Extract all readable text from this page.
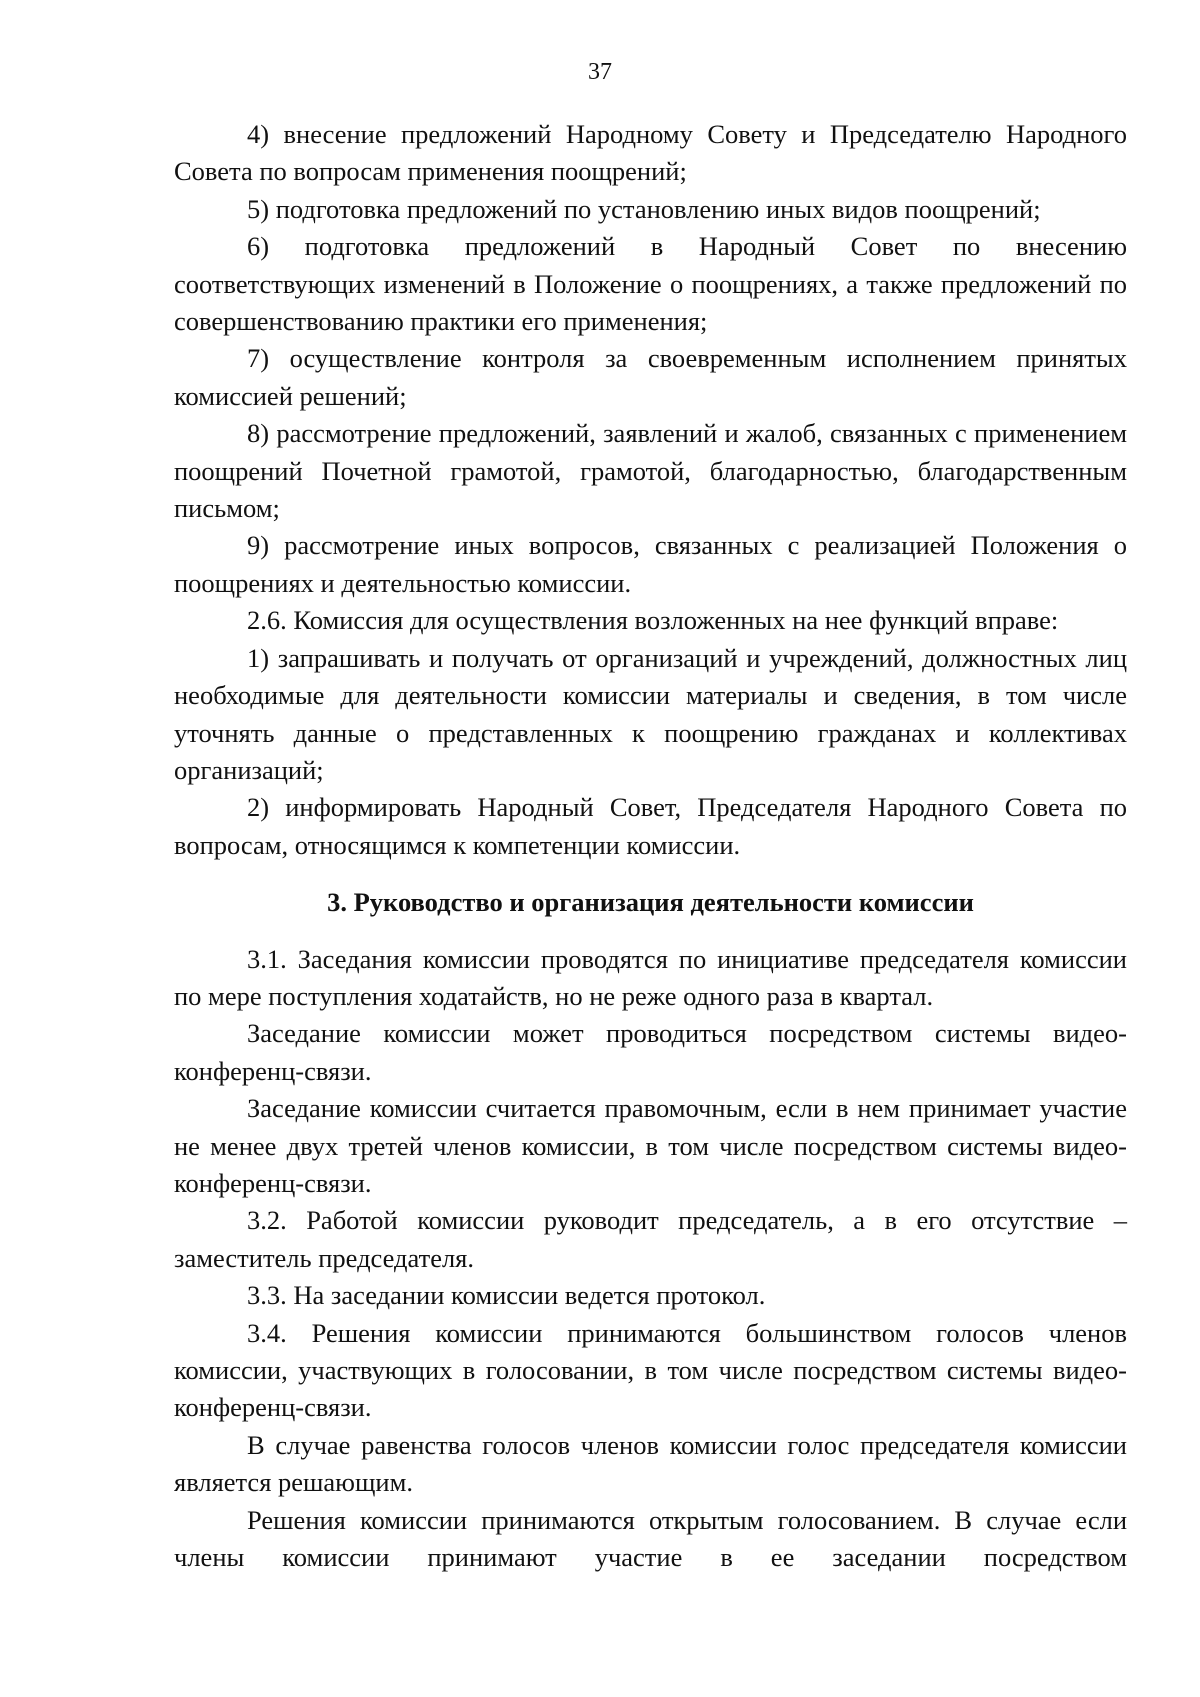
37

4) внесение предложений Народному Совету и Председателю Народного Совета по вопросам применения поощрений;

5) подготовка предложений по установлению иных видов поощрений;

6) подготовка предложений в Народный Совет по внесению соответствующих изменений в Положение о поощрениях, а также предложений по совершенствованию практики его применения;

7) осуществление контроля за своевременным исполнением принятых комиссией решений;

8) рассмотрение предложений, заявлений и жалоб, связанных с применением поощрений Почетной грамотой, грамотой, благодарностью, благодарственным письмом;

9) рассмотрение иных вопросов, связанных с реализацией Положения о поощрениях и деятельностью комиссии.

2.6. Комиссия для осуществления возложенных на нее функций вправе:

1) запрашивать и получать от организаций и учреждений, должностных лиц необходимые для деятельности комиссии материалы и сведения, в том числе уточнять данные о представленных к поощрению гражданах и коллективах организаций;

2) информировать Народный Совет, Председателя Народного Совета по вопросам, относящимся к компетенции комиссии.

3. Руководство и организация деятельности комиссии

3.1. Заседания комиссии проводятся по инициативе председателя комиссии по мере поступления ходатайств, но не реже одного раза в квартал.

Заседание комиссии может проводиться посредством системы видео-конференц-связи.

Заседание комиссии считается правомочным, если в нем принимает участие не менее двух третей членов комиссии, в том числе посредством системы видео-конференц-связи.

3.2. Работой комиссии руководит председатель, а в его отсутствие – заместитель председателя.

3.3. На заседании комиссии ведется протокол.

3.4. Решения комиссии принимаются большинством голосов членов комиссии, участвующих в голосовании, в том числе посредством системы видео-конференц-связи.

В случае равенства голосов членов комиссии голос председателя комиссии является решающим.

Решения комиссии принимаются открытым голосованием. В случае если члены комиссии принимают участие в ее заседании посредством
